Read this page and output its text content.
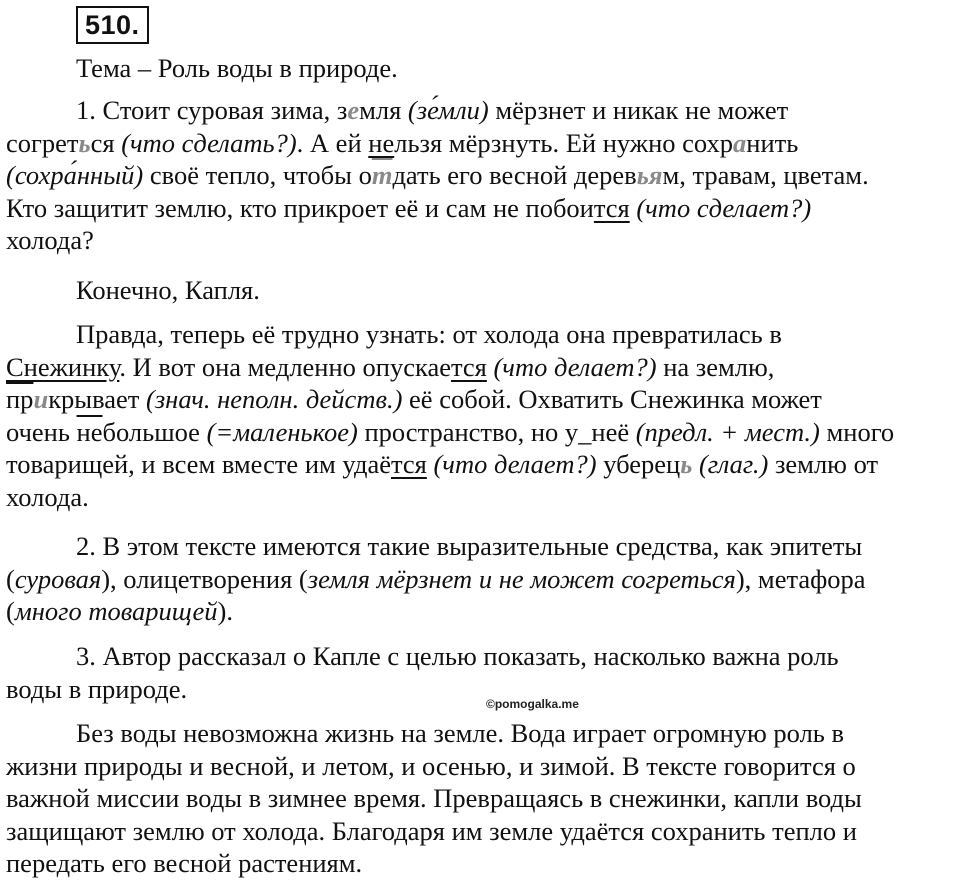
510.

Тема – Роль воды в природе.

1. Стоит суровая зима, земля (зе́мли) мёрзнет и никак не может
согреться (что сделать?). А ей нельзя мёрзнуть. Ей нужно сохранить
(сохра́нный) своё тепло, чтобы отдать его весной деревьям, травам, цветам.
Кто защитит землю, кто прикроет её и сам не побоится (что сделает?)
холода?

Конечно, Капля.

Правда, теперь её трудно узнать: от холода она превратилась в
Снежинку. И вот она медленно опускается (что делает?) на землю,
прикрывает (знач. неполн. действ.) её собой. Охватить Снежинка может
очень небольшое (=маленькое) пространство, но у_неё (предл. + мест.) много
товарищей, и всем вместе им удаётся (что делает?) уберець (глаг.) землю от
холода.

2. В этом тексте имеются такие выразительные средства, как эпитеты
(суровая), олицетворения (земля мёрзнет и не может согреться), метафора
(много товарищей).

3. Автор рассказал о Капле с целью показать, насколько важна роль
воды в природе.

©pomogalka.me

Без воды невозможна жизнь на земле. Вода играет огромную роль в
жизни природы и весной, и летом, и осенью, и зимой. В тексте говорится о
важной миссии воды в зимнее время. Превращаясь в снежинки, капли воды
защищают землю от холода. Благодаря им земле удаётся сохранить тепло и
передать его весной растениям.
